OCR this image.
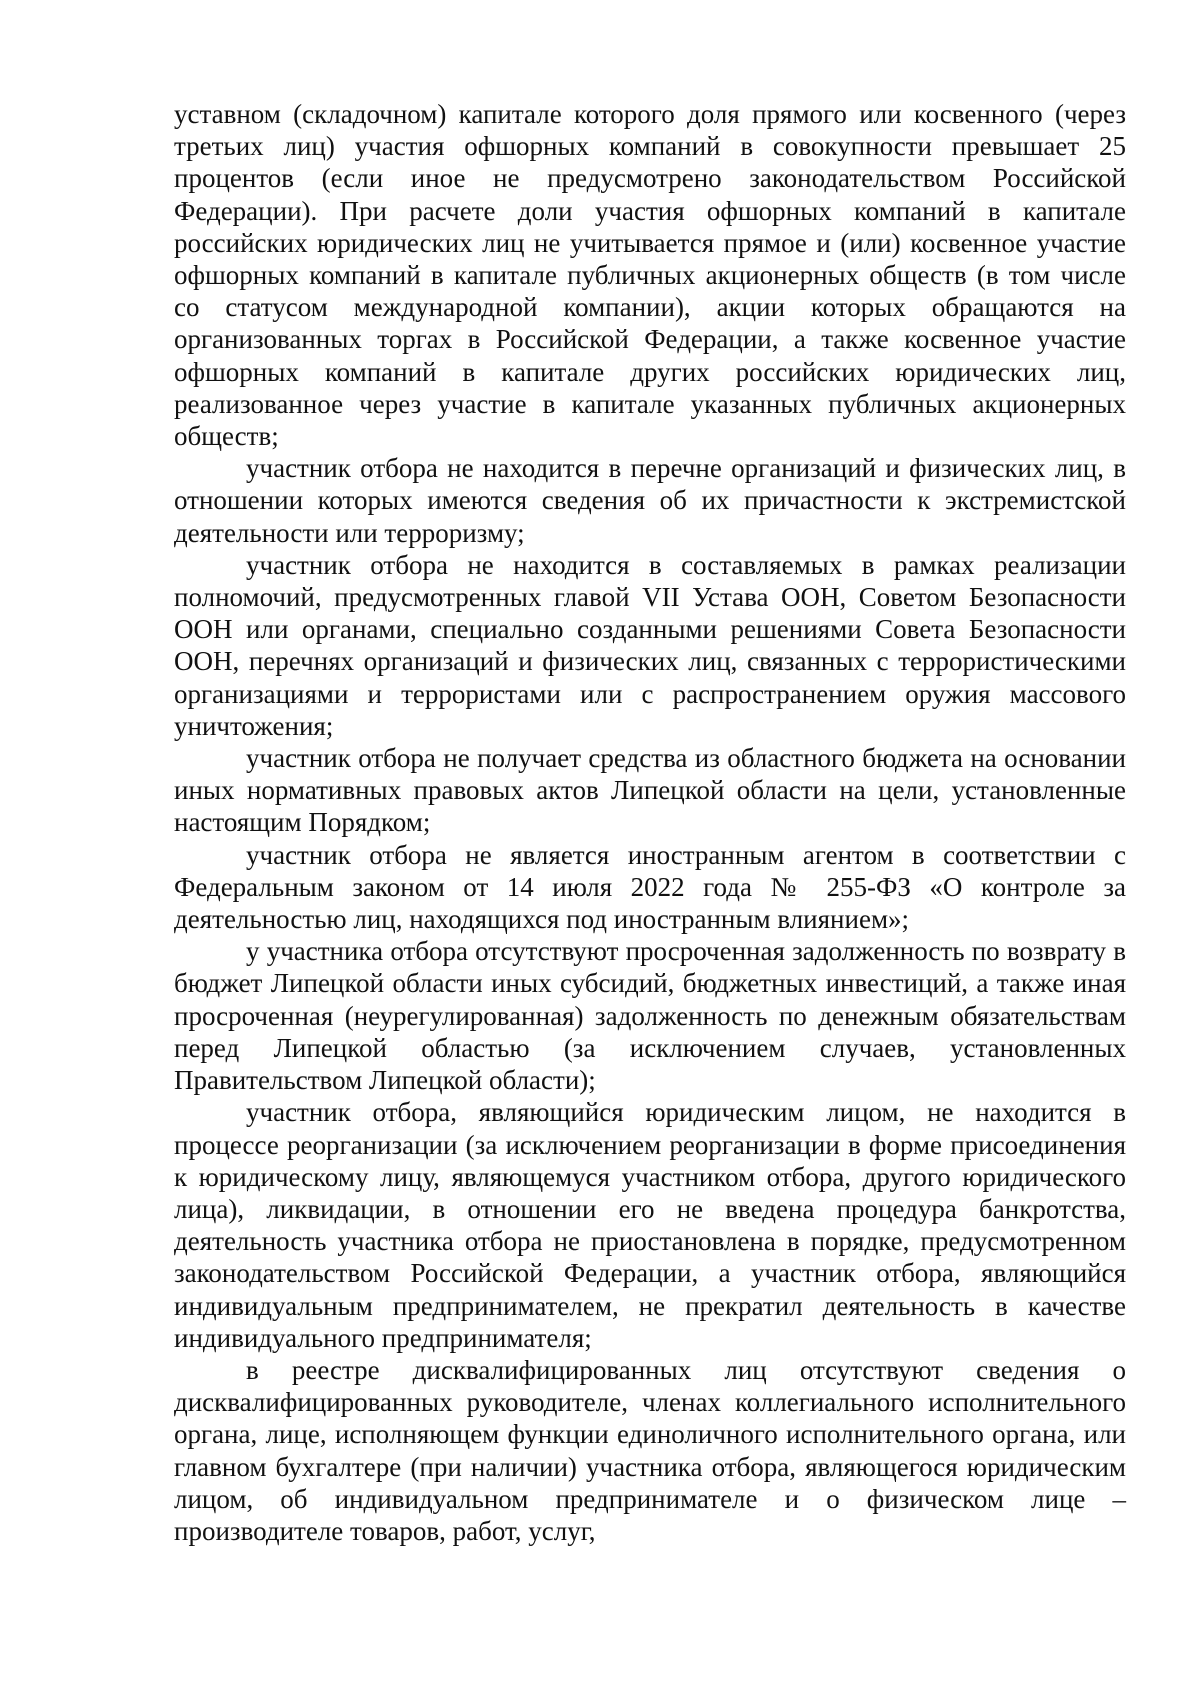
уставном (складочном) капитале которого доля прямого или косвенного (через третьих лиц) участия офшорных компаний в совокупности превышает 25 процентов (если иное не предусмотрено законодательством Российской Федерации). При расчете доли участия офшорных компаний в капитале российских юридических лиц не учитывается прямое и (или) косвенное участие офшорных компаний в капитале публичных акционерных обществ (в том числе со статусом международной компании), акции которых обращаются на организованных торгах в Российской Федерации, а также косвенное участие офшорных компаний в капитале других российских юридических лиц, реализованное через участие в капитале указанных публичных акционерных обществ;

участник отбора не находится в перечне организаций и физических лиц, в отношении которых имеются сведения об их причастности к экстремистской деятельности или терроризму;

участник отбора не находится в составляемых в рамках реализации полномочий, предусмотренных главой VII Устава ООН, Советом Безопасности ООН или органами, специально созданными решениями Совета Безопасности ООН, перечнях организаций и физических лиц, связанных с террористическими организациями и террористами или с распространением оружия массового уничтожения;

участник отбора не получает средства из областного бюджета на основании иных нормативных правовых актов Липецкой области на цели, установленные настоящим Порядком;

участник отбора не является иностранным агентом в соответствии с Федеральным законом от 14 июля 2022 года № 255-ФЗ «О контроле за деятельностью лиц, находящихся под иностранным влиянием»;

у участника отбора отсутствуют просроченная задолженность по возврату в бюджет Липецкой области иных субсидий, бюджетных инвестиций, а также иная просроченная (неурегулированная) задолженность по денежным обязательствам перед Липецкой областью (за исключением случаев, установленных Правительством Липецкой области);

участник отбора, являющийся юридическим лицом, не находится в процессе реорганизации (за исключением реорганизации в форме присоединения к юридическому лицу, являющемуся участником отбора, другого юридического лица), ликвидации, в отношении его не введена процедура банкротства, деятельность участника отбора не приостановлена в порядке, предусмотренном законодательством Российской Федерации, а участник отбора, являющийся индивидуальным предпринимателем, не прекратил деятельность в качестве индивидуального предпринимателя;

в реестре дисквалифицированных лиц отсутствуют сведения о дисквалифицированных руководителе, членах коллегиального исполнительного органа, лице, исполняющем функции единоличного исполнительного органа, или главном бухгалтере (при наличии) участника отбора, являющегося юридическим лицом, об индивидуальном предпринимателе и о физическом лице – производителе товаров, работ, услуг,
